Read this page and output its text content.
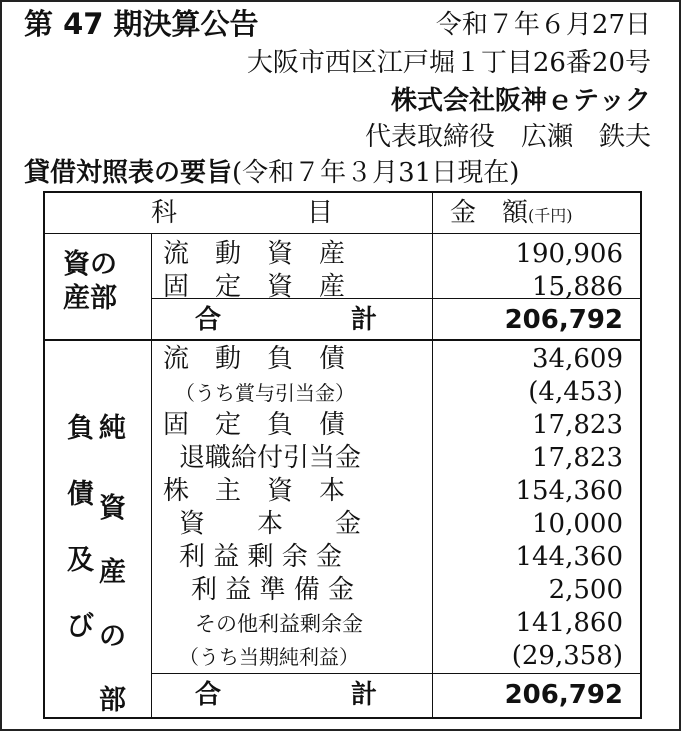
第 47 期決算公告	令和７年６月27日
大阪市西区江戸堀１丁目26番20号
株式会社阪神ｅテック
代表取締役　広瀬　鉄夫
貸借対照表の要旨(令和７年３月31日現在)
科　　　　　目	金　額(千円)
資の
産部
流　動　資　産	190,906
固　定　資　産	15,886
合　　　　　計	206,792
負
債
及
び
純
資
産
の
部
流　動　負　債	34,609
（うち賞与引当金）	(4,453)
固　定　負　債	17,823
退職給付引当金	17,823
株　主　資　本	154,360
資　　本　　金	10,000
利 益 剰 余 金	144,360
利 益 準 備 金	2,500
その他利益剰余金	141,860
（うち当期純利益）	(29,358)
合　　　　　計	206,792
